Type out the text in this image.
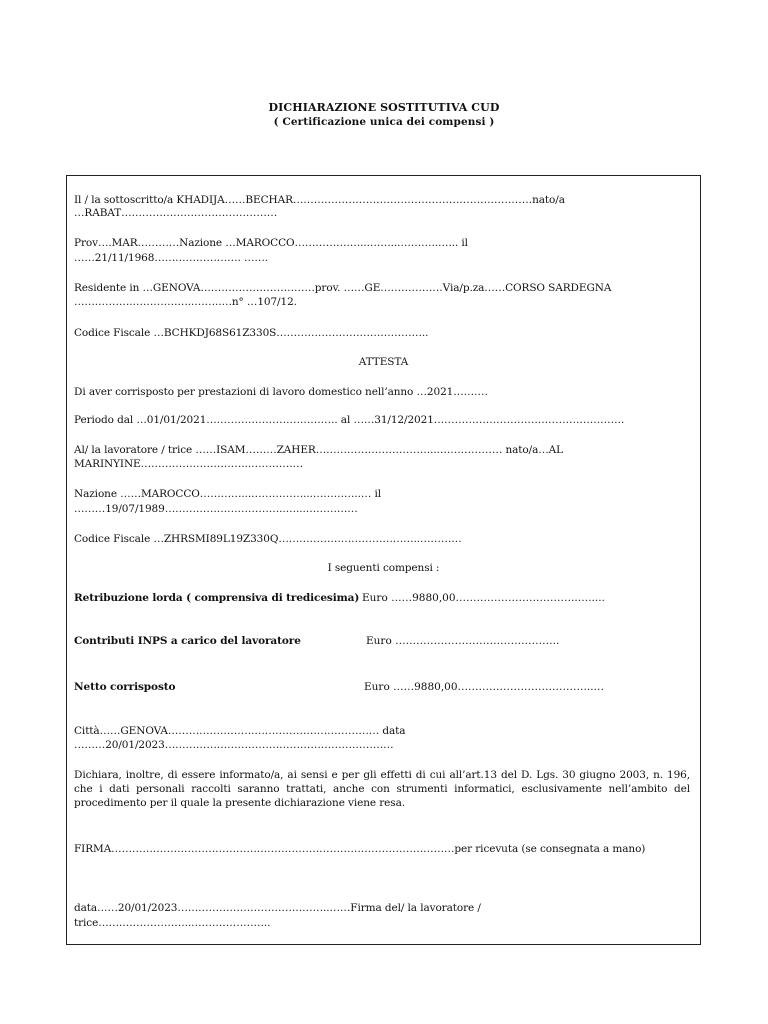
DICHIARAZIONE SOSTITUTIVA CUD
( Certificazione unica dei compensi )
Il / la sottoscritto/a KHADIJA……BECHAR……………………………………………………………nato/a
…RABAT………………………………………
Prov….MAR…………Nazione …MAROCCO…………….…...……...………..…... il
……21/11/1968……………………. …….
Residente in …GENOVA……………………………prov. ……GE………………Via/p.za……CORSO SARDEGNA
…….……….………….…..……..…n° …107/12.
Codice Fiscale …BCHKDJ68S61Z330S……………………………………..
ATTESTA
Di aver corrisposto per prestazioni di lavoro domestico nell’anno …2021……….
Periodo dal …01/01/2021……………………………….. al ……31/12/2021……………………………………………….
Al/ la lavoratore / trice ……ISAM………ZAHER……………………………...……………… nato/a…AL
MARINYINE…………………………..……………
Nazione ……MAROCCO…………...……………...…………..… il
………19/07/1989……………………………..…...……………
Codice Fiscale …ZHRSMI89L19Z330Q…………………………………..…………
I seguenti compensi :
Retribuzione lorda ( comprensiva di tredicesima) Euro ……9880,00……………………………..….....
Contributi INPS a carico del lavoratore	Euro ………………………………………..
Netto corrisposto	Euro ……9880,00………………………………...…
Città……GENOVA…………………….……………………………… data
………20/01/2023…………………………………………………………
Dichiara, inoltre, di essere informato/a, ai sensi e per gli effetti di cui all’art.13 del D. Lgs. 30 giugno 2003, n. 196, che i dati personali raccolti saranno trattati, anche con strumenti informatici, esclusivamente nell’ambito del procedimento per il quale la presente dichiarazione viene resa.
FIRMA………………………………………………………………………………………per ricevuta (se consegnata a mano)
data……20/01/2023……………………………………..……Firma del/ la lavoratore /
trice…….………………..…………………..
